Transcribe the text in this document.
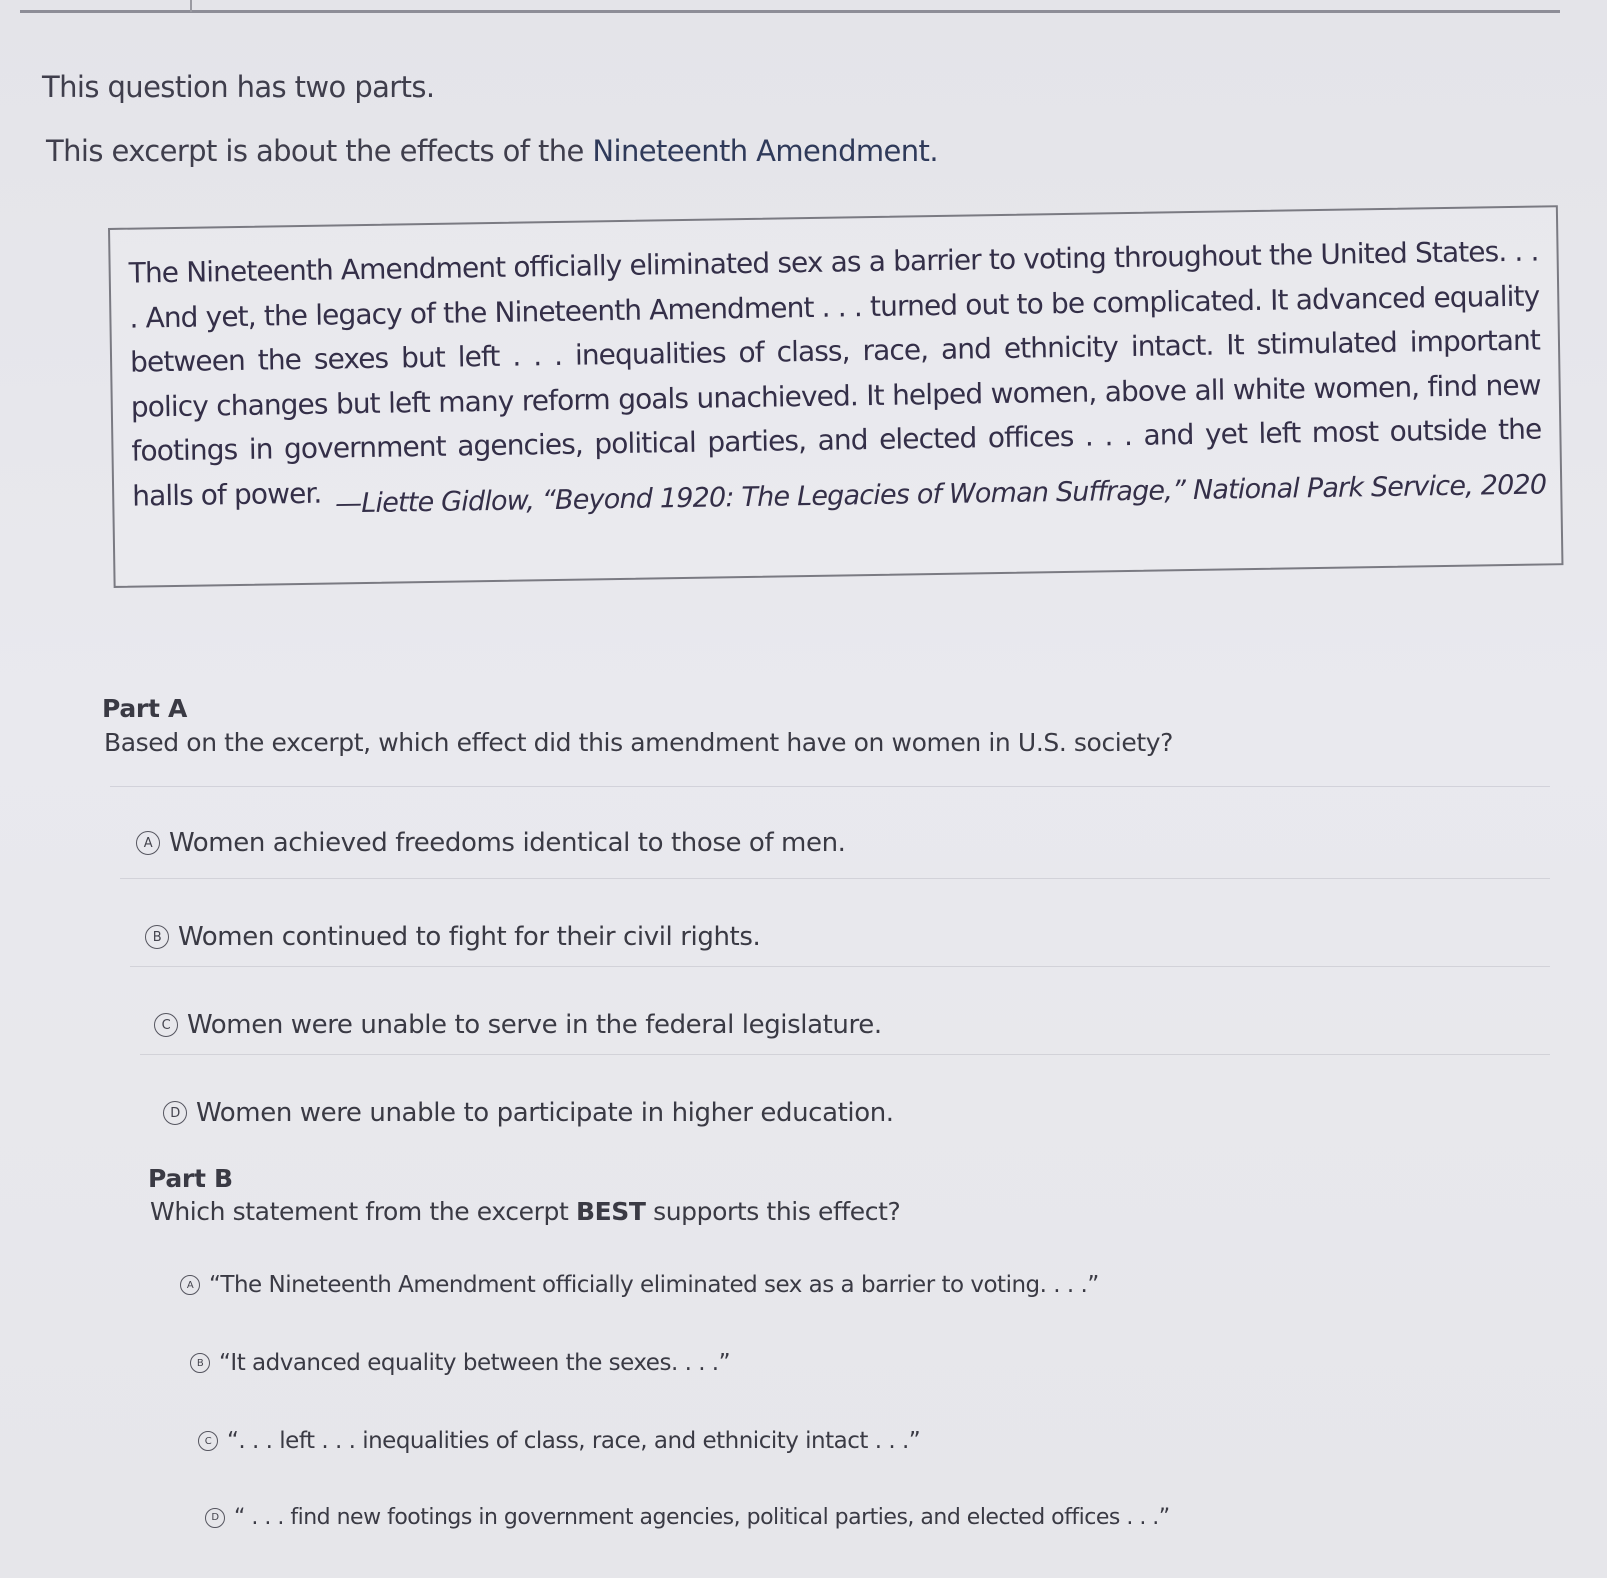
This question has two parts.
This excerpt is about the effects of the Nineteenth Amendment.
The Nineteenth Amendment officially eliminated sex as a barrier to voting throughout the United States. . . . And yet, the legacy of the Nineteenth Amendment . . . turned out to be complicated. It advanced equality between the sexes but left . . . inequalities of class, race, and ethnicity intact. It stimulated important policy changes but left many reform goals unachieved. It helped women, above all white women, find new footings in government agencies, political parties, and elected offices . . . and yet left most outside the halls of power. —Liette Gidlow, “Beyond 1920: The Legacies of Woman Suffrage,” National Park Service, 2020
Part A
Based on the excerpt, which effect did this amendment have on women in U.S. society?
A Women achieved freedoms identical to those of men.
B Women continued to fight for their civil rights.
C Women were unable to serve in the federal legislature.
D Women were unable to participate in higher education.
Part B
Which statement from the excerpt BEST supports this effect?
A “The Nineteenth Amendment officially eliminated sex as a barrier to voting. . . .”
B “It advanced equality between the sexes. . . .”
C “. . . left . . . inequalities of class, race, and ethnicity intact . . .”
D “ . . . find new footings in government agencies, political parties, and elected offices . . .”
